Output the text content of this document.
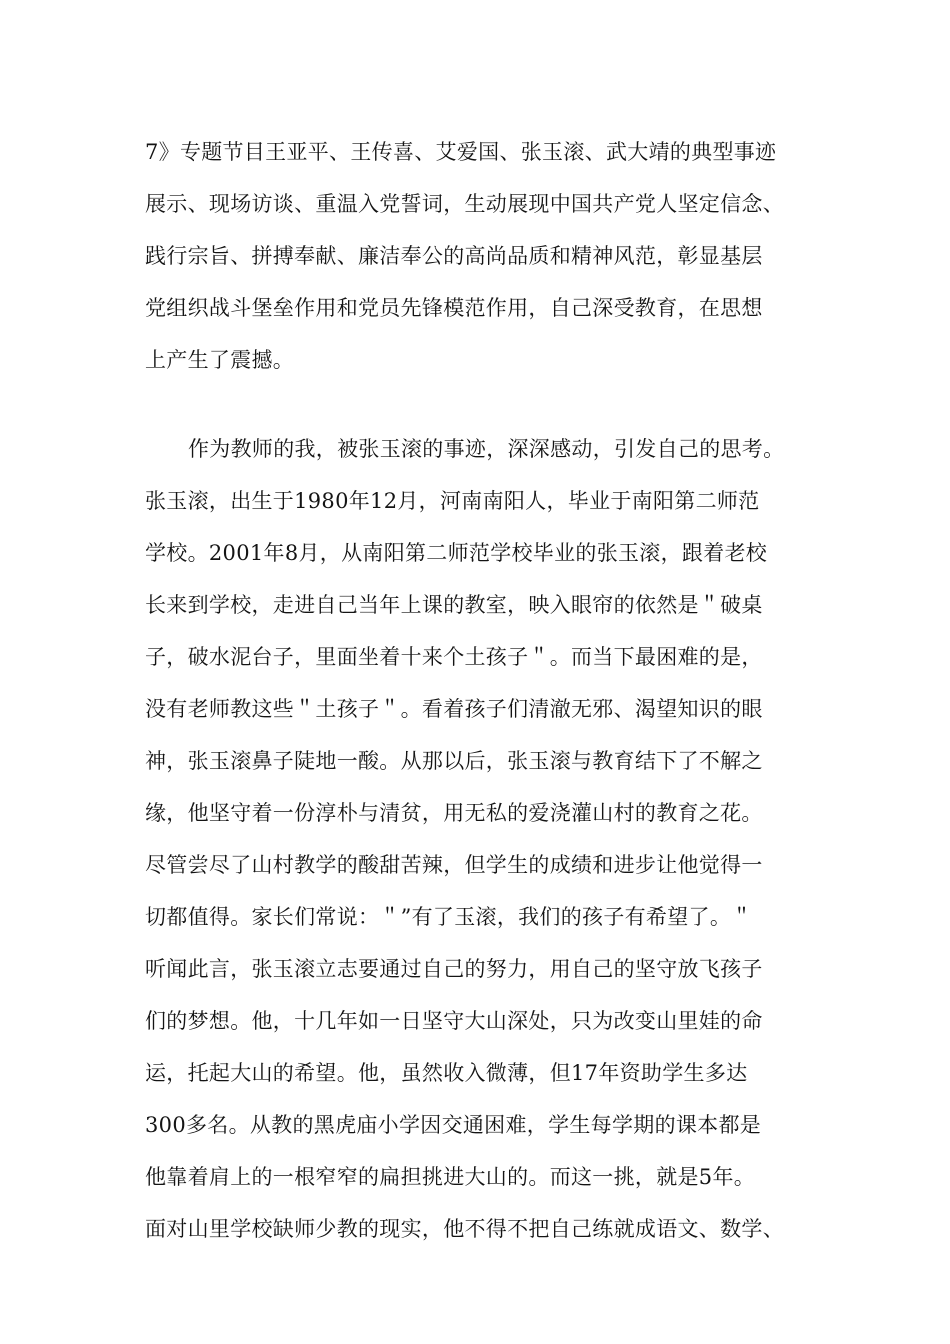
7》专题节目王亚平、王传喜、艾爱国、张玉滚、武大靖的典型事迹
展示、现场访谈、重温入党誓词，生动展现中国共产党人坚定信念、
践行宗旨、拼搏奉献、廉洁奉公的高尚品质和精神风范，彰显基层
党组织战斗堡垒作用和党员先锋模范作用，自己深受教育，在思想
上产生了震撼。
作为教师的我，被张玉滚的事迹，深深感动，引发自己的思考。
张玉滚，出生于1980年12月，河南南阳人，毕业于南阳第二师范
学校。2001年8月，从南阳第二师范学校毕业的张玉滚，跟着老校
长来到学校，走进自己当年上课的教室，映入眼帘的依然是＂破桌
子，破水泥台子，里面坐着十来个土孩子＂。而当下最困难的是，
没有老师教这些＂土孩子＂。看着孩子们清澈无邪、渴望知识的眼
神，张玉滚鼻子陡地一酸。从那以后，张玉滚与教育结下了不解之
缘，他坚守着一份淳朴与清贫，用无私的爱浇灌山村的教育之花。
尽管尝尽了山村教学的酸甜苦辣，但学生的成绩和进步让他觉得一
切都值得。家长们常说：＂”有了玉滚，我们的孩子有希望了。＂
听闻此言，张玉滚立志要通过自己的努力，用自己的坚守放飞孩子
们的梦想。他，十几年如一日坚守大山深处，只为改变山里娃的命
运，托起大山的希望。他，虽然收入微薄，但17年资助学生多达
300多名。从教的黑虎庙小学因交通困难，学生每学期的课本都是
他靠着肩上的一根窄窄的扁担挑进大山的。而这一挑，就是5年。
面对山里学校缺师少教的现实，他不得不把自己练就成语文、数学、
